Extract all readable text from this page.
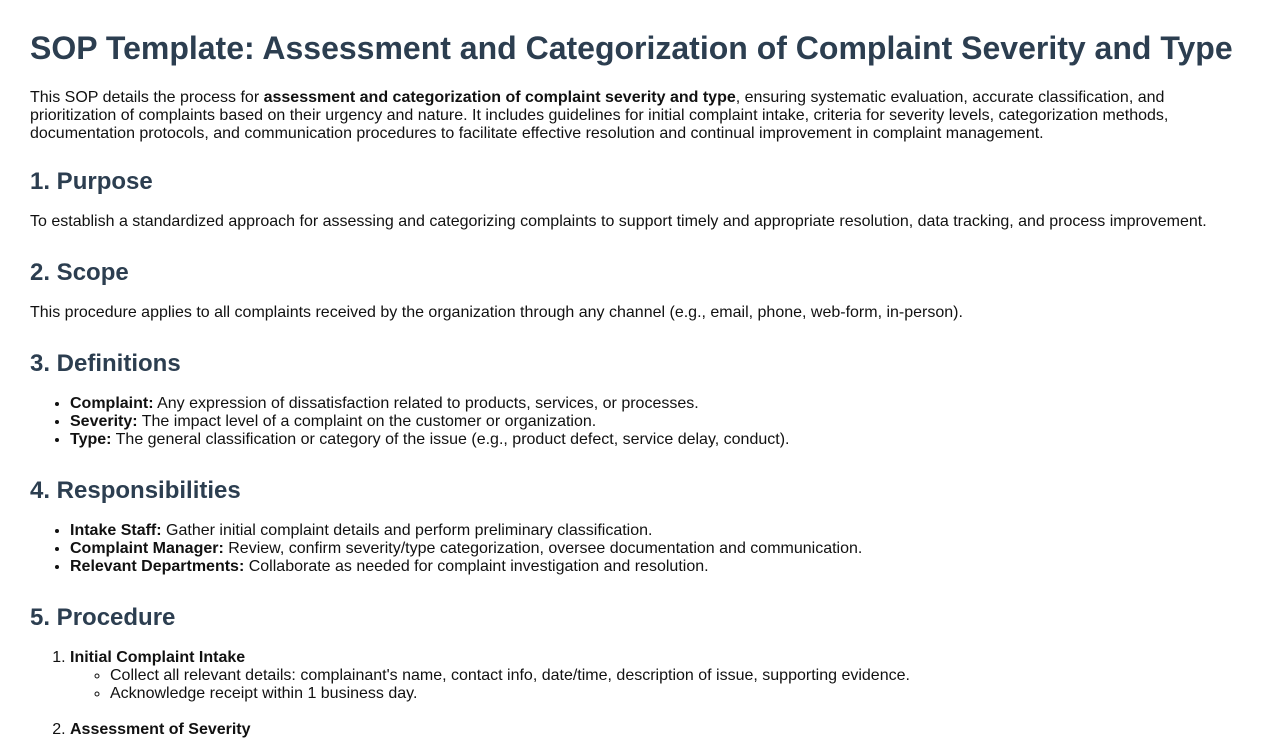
SOP Template: Assessment and Categorization of Complaint Severity and Type

This SOP details the process for assessment and categorization of complaint severity and type, ensuring systematic evaluation, accurate classification, and prioritization of complaints based on their urgency and nature. It includes guidelines for initial complaint intake, criteria for severity levels, categorization methods, documentation protocols, and communication procedures to facilitate effective resolution and continual improvement in complaint management.

1. Purpose

To establish a standardized approach for assessing and categorizing complaints to support timely and appropriate resolution, data tracking, and process improvement.

2. Scope

This procedure applies to all complaints received by the organization through any channel (e.g., email, phone, web-form, in-person).

3. Definitions
• Complaint: Any expression of dissatisfaction related to products, services, or processes.
• Severity: The impact level of a complaint on the customer or organization.
• Type: The general classification or category of the issue (e.g., product defect, service delay, conduct).
4. Responsibilities
• Intake Staff: Gather initial complaint details and perform preliminary classification.
• Complaint Manager: Review, confirm severity/type categorization, oversee documentation and communication.
• Relevant Departments: Collaborate as needed for complaint investigation and resolution.
5. Procedure
1. Initial Complaint Intake
◦ Collect all relevant details: complainant's name, contact info, date/time, description of issue, supporting evidence.
◦ Acknowledge receipt within 1 business day.
2. Assessment of Severity
